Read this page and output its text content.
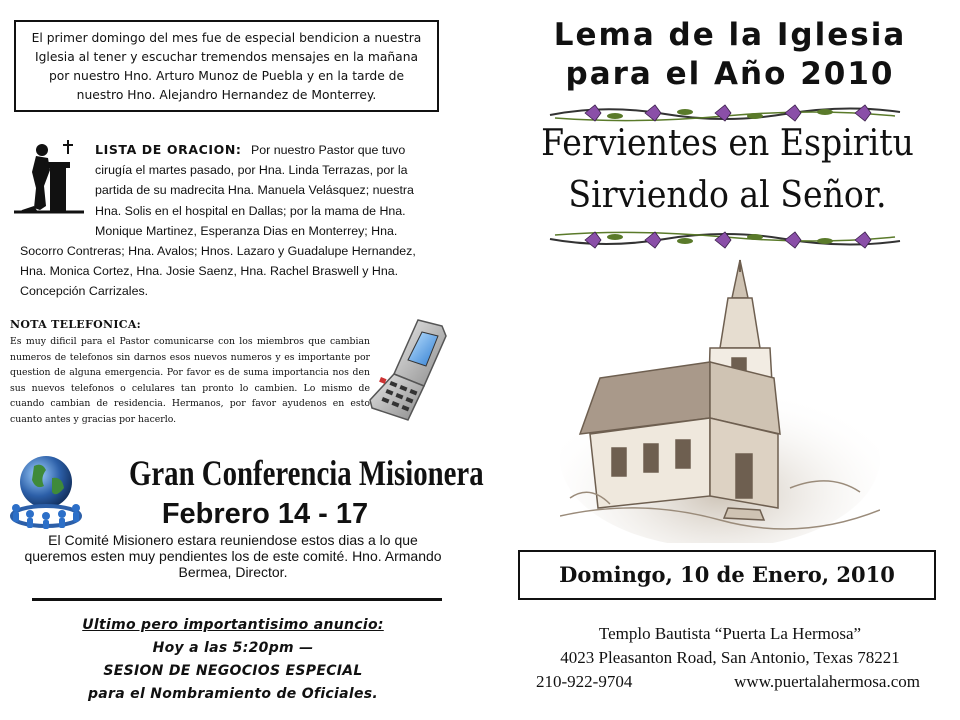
El primer domingo del mes fue de especial bendicion a nuestra Iglesia al tener y escuchar tremendos mensajes en la mañana por nuestro Hno. Arturo Munoz de Puebla y en la tarde de nuestro Hno. Alejandro Hernandez de Monterrey.
LISTA DE ORACION: Por nuestro Pastor que tuvo cirugía el martes pasado, por Hna. Linda Terrazas, por la partida de su madrecita Hna. Manuela Velásquez; nuestra Hna. Solis en el hospital en Dallas; por la mama de Hna. Monique Martinez, Esperanza Dias en Monterrey; Hna. Socorro Contreras; Hna. Avalos; Hnos. Lazaro y Guadalupe Hernandez, Hna. Monica Cortez, Hna. Josie Saenz, Hna. Rachel Braswell y Hna. Concepción Carrizales.
NOTA TELEFONICA:
Es muy dificil para el Pastor comunicarse con los miembros que cambian numeros de telefonos sin darnos esos nuevos numeros y es importante por question de alguna emergencia. Por favor es de suma importancia nos den sus nuevos telefonos o celulares tan pronto lo cambien. Lo mismo de cuando cambian de residencia. Hermanos, por favor ayudenos en esto cuanto antes y gracias por hacerlo.
Gran Conferencia Misionera
Febrero 14 - 17
El Comité Misionero estara reuniendose estos dias a lo que queremos esten muy pendientes los de este comité. Hno. Armando Bermea, Director.
Ultimo pero importantisimo anuncio:
Hoy a las 5:20pm —
SESION DE NEGOCIOS ESPECIAL
para el Nombramiento de Oficiales.
Lema de la Iglesia
para el Año 2010
Fervientes en Espiritu
Sirviendo al Señor.
Domingo, 10 de Enero, 2010
Templo Bautista “Puerta La Hermosa”
4023 Pleasanton Road, San Antonio, Texas 78221
210-922-9704	www.puertalahermosa.com
